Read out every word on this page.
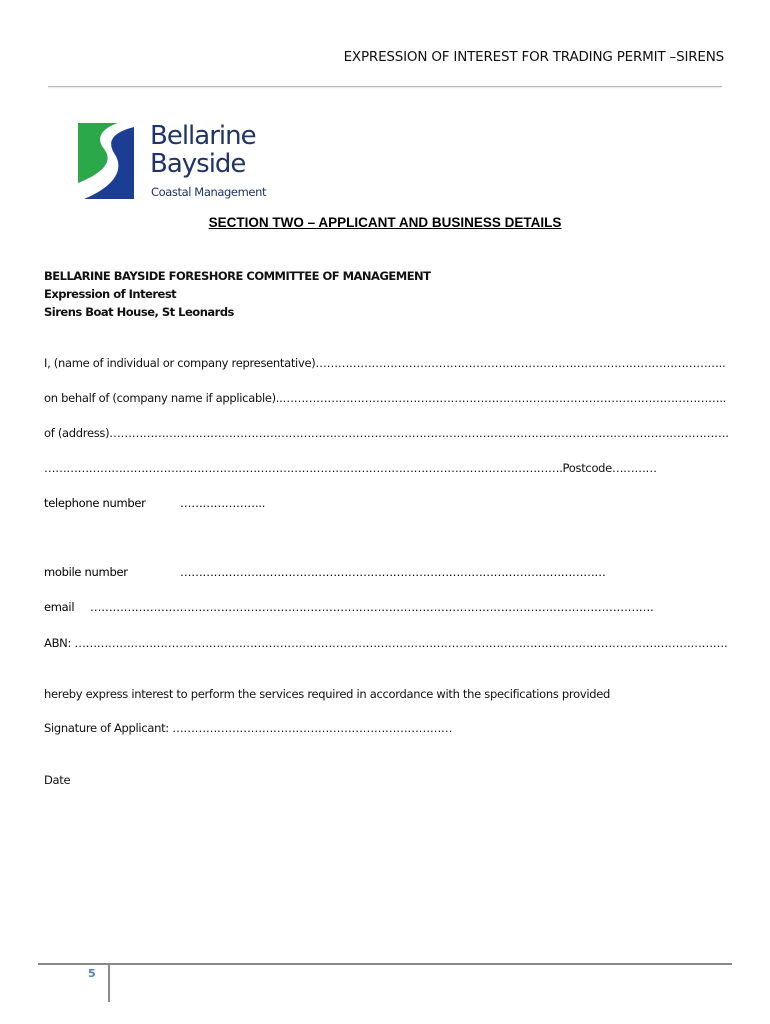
EXPRESSION OF INTEREST FOR TRADING PERMIT –SIRENS
Bellarine
Bayside
Coastal Management
SECTION TWO – APPLICANT AND BUSINESS DETAILS
BELLARINE BAYSIDE FORESHORE COMMITTEE OF MANAGEMENT
Expression of Interest
Sirens Boat House, St Leonards
I, (name of individual or company representative)………………………………………………………………………………………………..
on behalf of (company name if applicable)..………………………………………………………………………………………………………..
of (address)………………………………………………………………………………………………………………………………………………….
………………………………………………………………………………………………………………………….Postcode…………
telephone number	…………………..
mobile number	……………………………………………………………………………………………………
email …………………………………………………………………………………………………………………………………….
ABN: ………………………………………………………………………………………………………………………………………………………….
hereby express interest to perform the services required in accordance with the specifications provided
Signature of Applicant: …………………………………………………………………
Date
5
